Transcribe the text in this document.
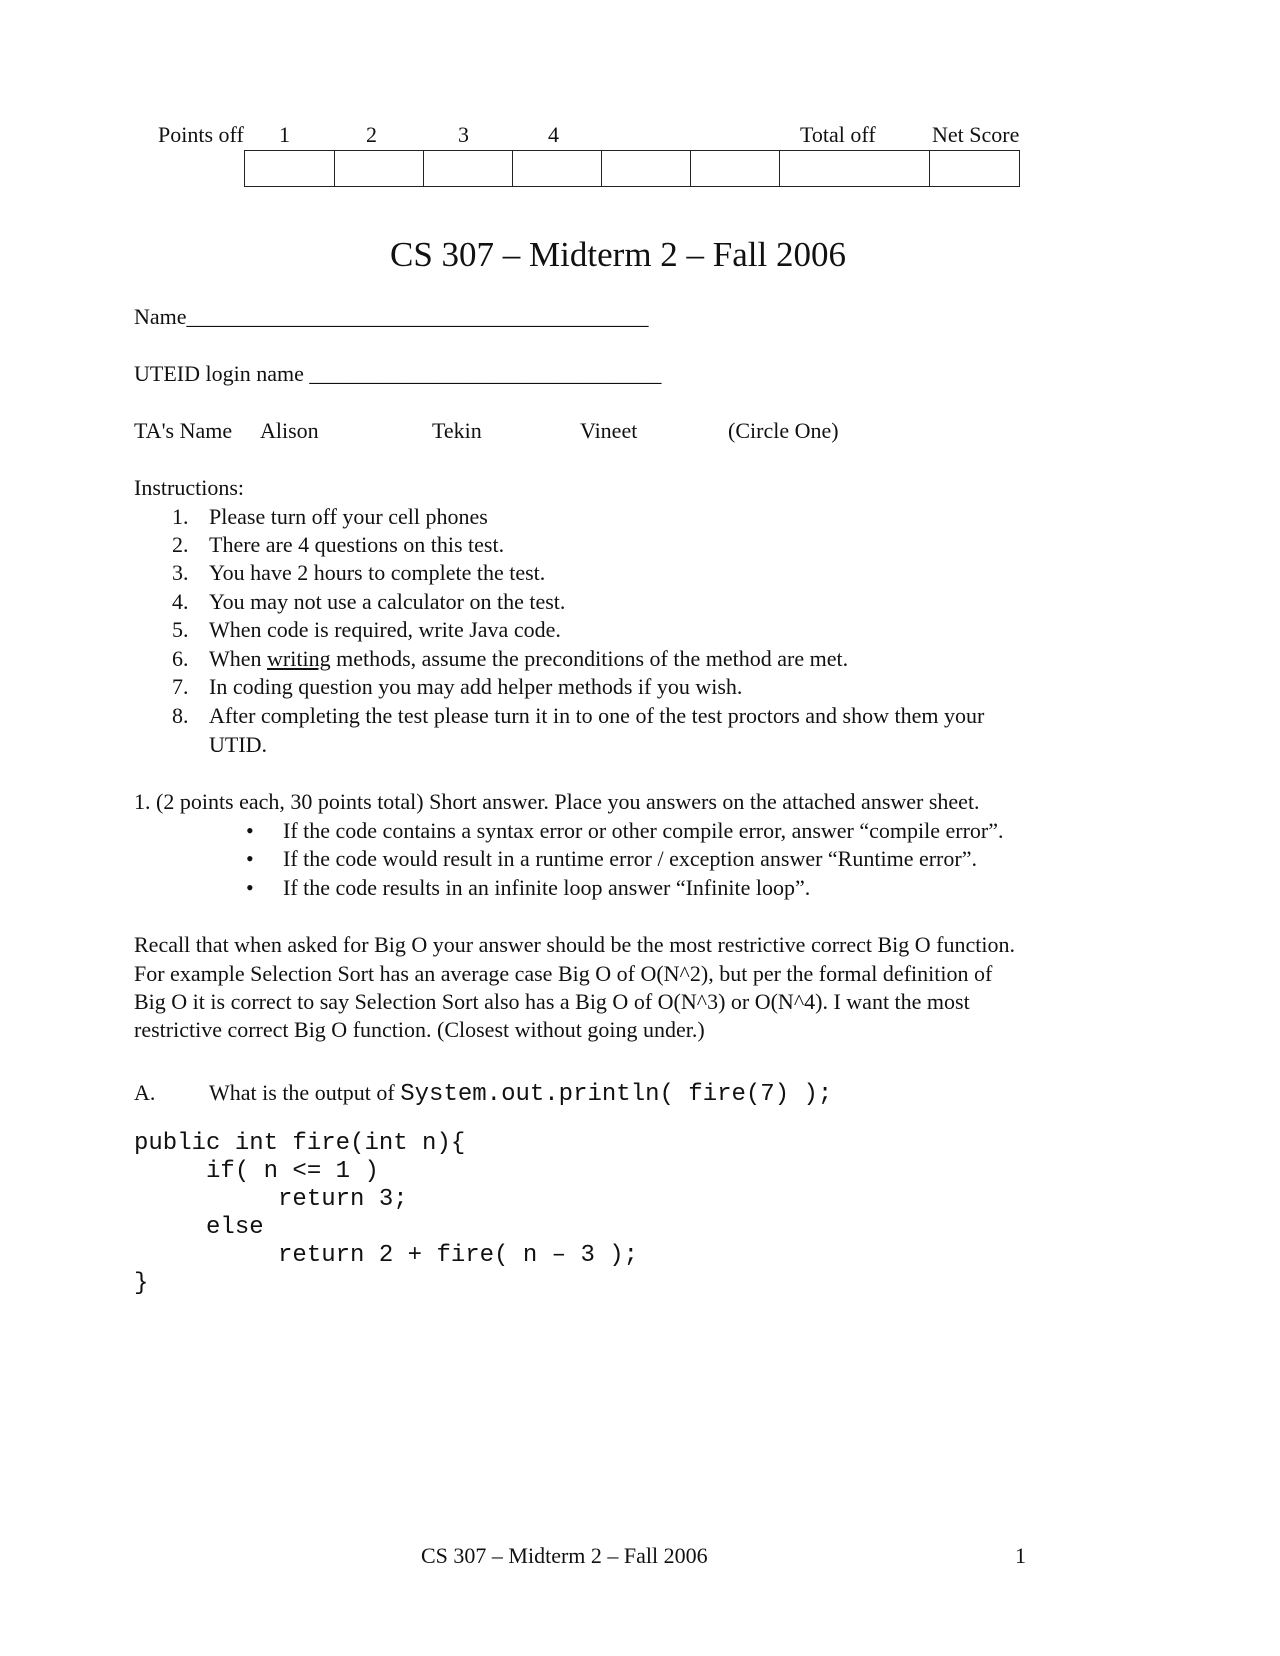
Points off 1	2	3	4	Total off	Net Score
CS 307 – Midterm 2 – Fall 2006
Name__________________________________________
UTEID login name ________________________________
TA's Name Alison	Tekin	Vineet	(Circle One)
Instructions:
1. Please turn off your cell phones
2. There are 4 questions on this test.
3. You have 2 hours to complete the test.
4. You may not use a calculator on the test.
5. When code is required, write Java code.
6. When writing methods, assume the preconditions of the method are met.
7. In coding question you may add helper methods if you wish.
8. After completing the test please turn it in to one of the test proctors and show them your
UTID.
1. (2 points each, 30 points total) Short answer. Place you answers on the attached answer sheet.
• If the code contains a syntax error or other compile error, answer “compile error”.
• If the code would result in a runtime error / exception answer “Runtime error”.
• If the code results in an infinite loop answer “Infinite loop”.
Recall that when asked for Big O your answer should be the most restrictive correct Big O function.
For example Selection Sort has an average case Big O of O(N^2), but per the formal definition of
Big O it is correct to say Selection Sort also has a Big O of O(N^3) or O(N^4). I want the most
restrictive correct Big O function. (Closest without going under.)
A. What is the output of System.out.println( fire(7) );
public int fire(int n){
if( n <= 1 )
return 3;
else
return 2 + fire( n – 3 );
}
CS 307 – Midterm 2 – Fall 2006	1
